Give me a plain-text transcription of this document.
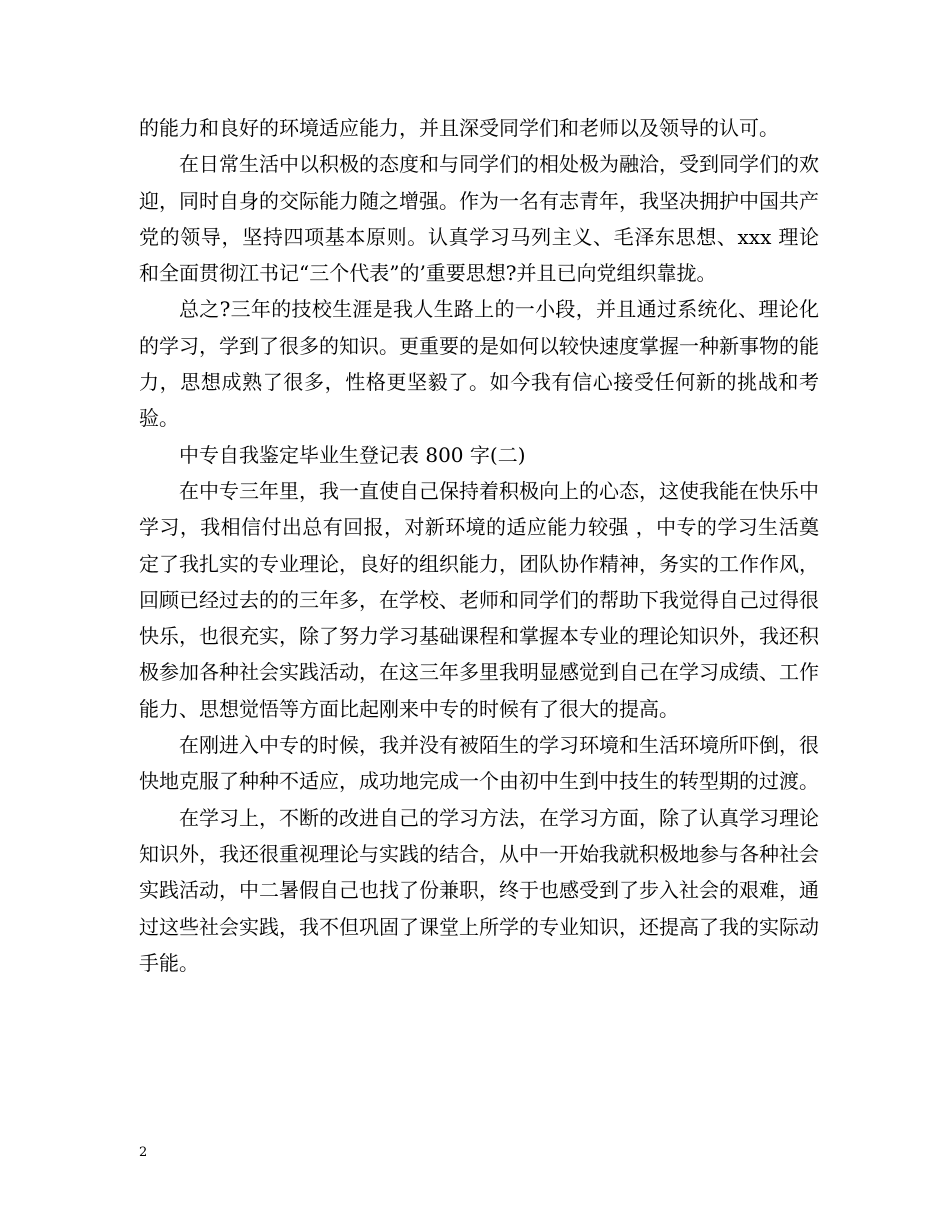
的能力和良好的环境适应能力，并且深受同学们和老师以及领导的认可。

在日常生活中以积极的态度和与同学们的相处极为融洽，受到同学们的欢迎，同时自身的交际能力随之增强。作为一名有志青年，我坚决拥护中国共产党的领导，坚持四项基本原则。认真学习马列主义、毛泽东思想、xxx 理论和全面贯彻江书记“三个代表”的’重要思想?并且已向党组织靠拢。

总之?三年的技校生涯是我人生路上的一小段，并且通过系统化、理论化的学习，学到了很多的知识。更重要的是如何以较快速度掌握一种新事物的能力，思想成熟了很多，性格更坚毅了。如今我有信心接受任何新的挑战和考验。

中专自我鉴定毕业生登记表 800 字(二)

在中专三年里，我一直使自己保持着积极向上的心态，这使我能在快乐中学习，我相信付出总有回报，对新环境的适应能力较强 ，中专的学习生活奠定了我扎实的专业理论，良好的组织能力，团队协作精神，务实的工作作风， 回顾已经过去的的三年多，在学校、老师和同学们的帮助下我觉得自己过得很快乐，也很充实，除了努力学习基础课程和掌握本专业的理论知识外，我还积极参加各种社会实践活动，在这三年多里我明显感觉到自己在学习成绩、工作能力、思想觉悟等方面比起刚来中专的时候有了很大的提高。

在刚进入中专的时候，我并没有被陌生的学习环境和生活环境所吓倒，很快地克服了种种不适应，成功地完成一个由初中生到中技生的转型期的过渡。

在学习上，不断的改进自己的学习方法，在学习方面，除了认真学习理论知识外，我还很重视理论与实践的结合，从中一开始我就积极地参与各种社会实践活动，中二暑假自己也找了份兼职，终于也感受到了步入社会的艰难，通过这些社会实践，我不但巩固了课堂上所学的专业知识，还提高了我的实际动手能。

2
